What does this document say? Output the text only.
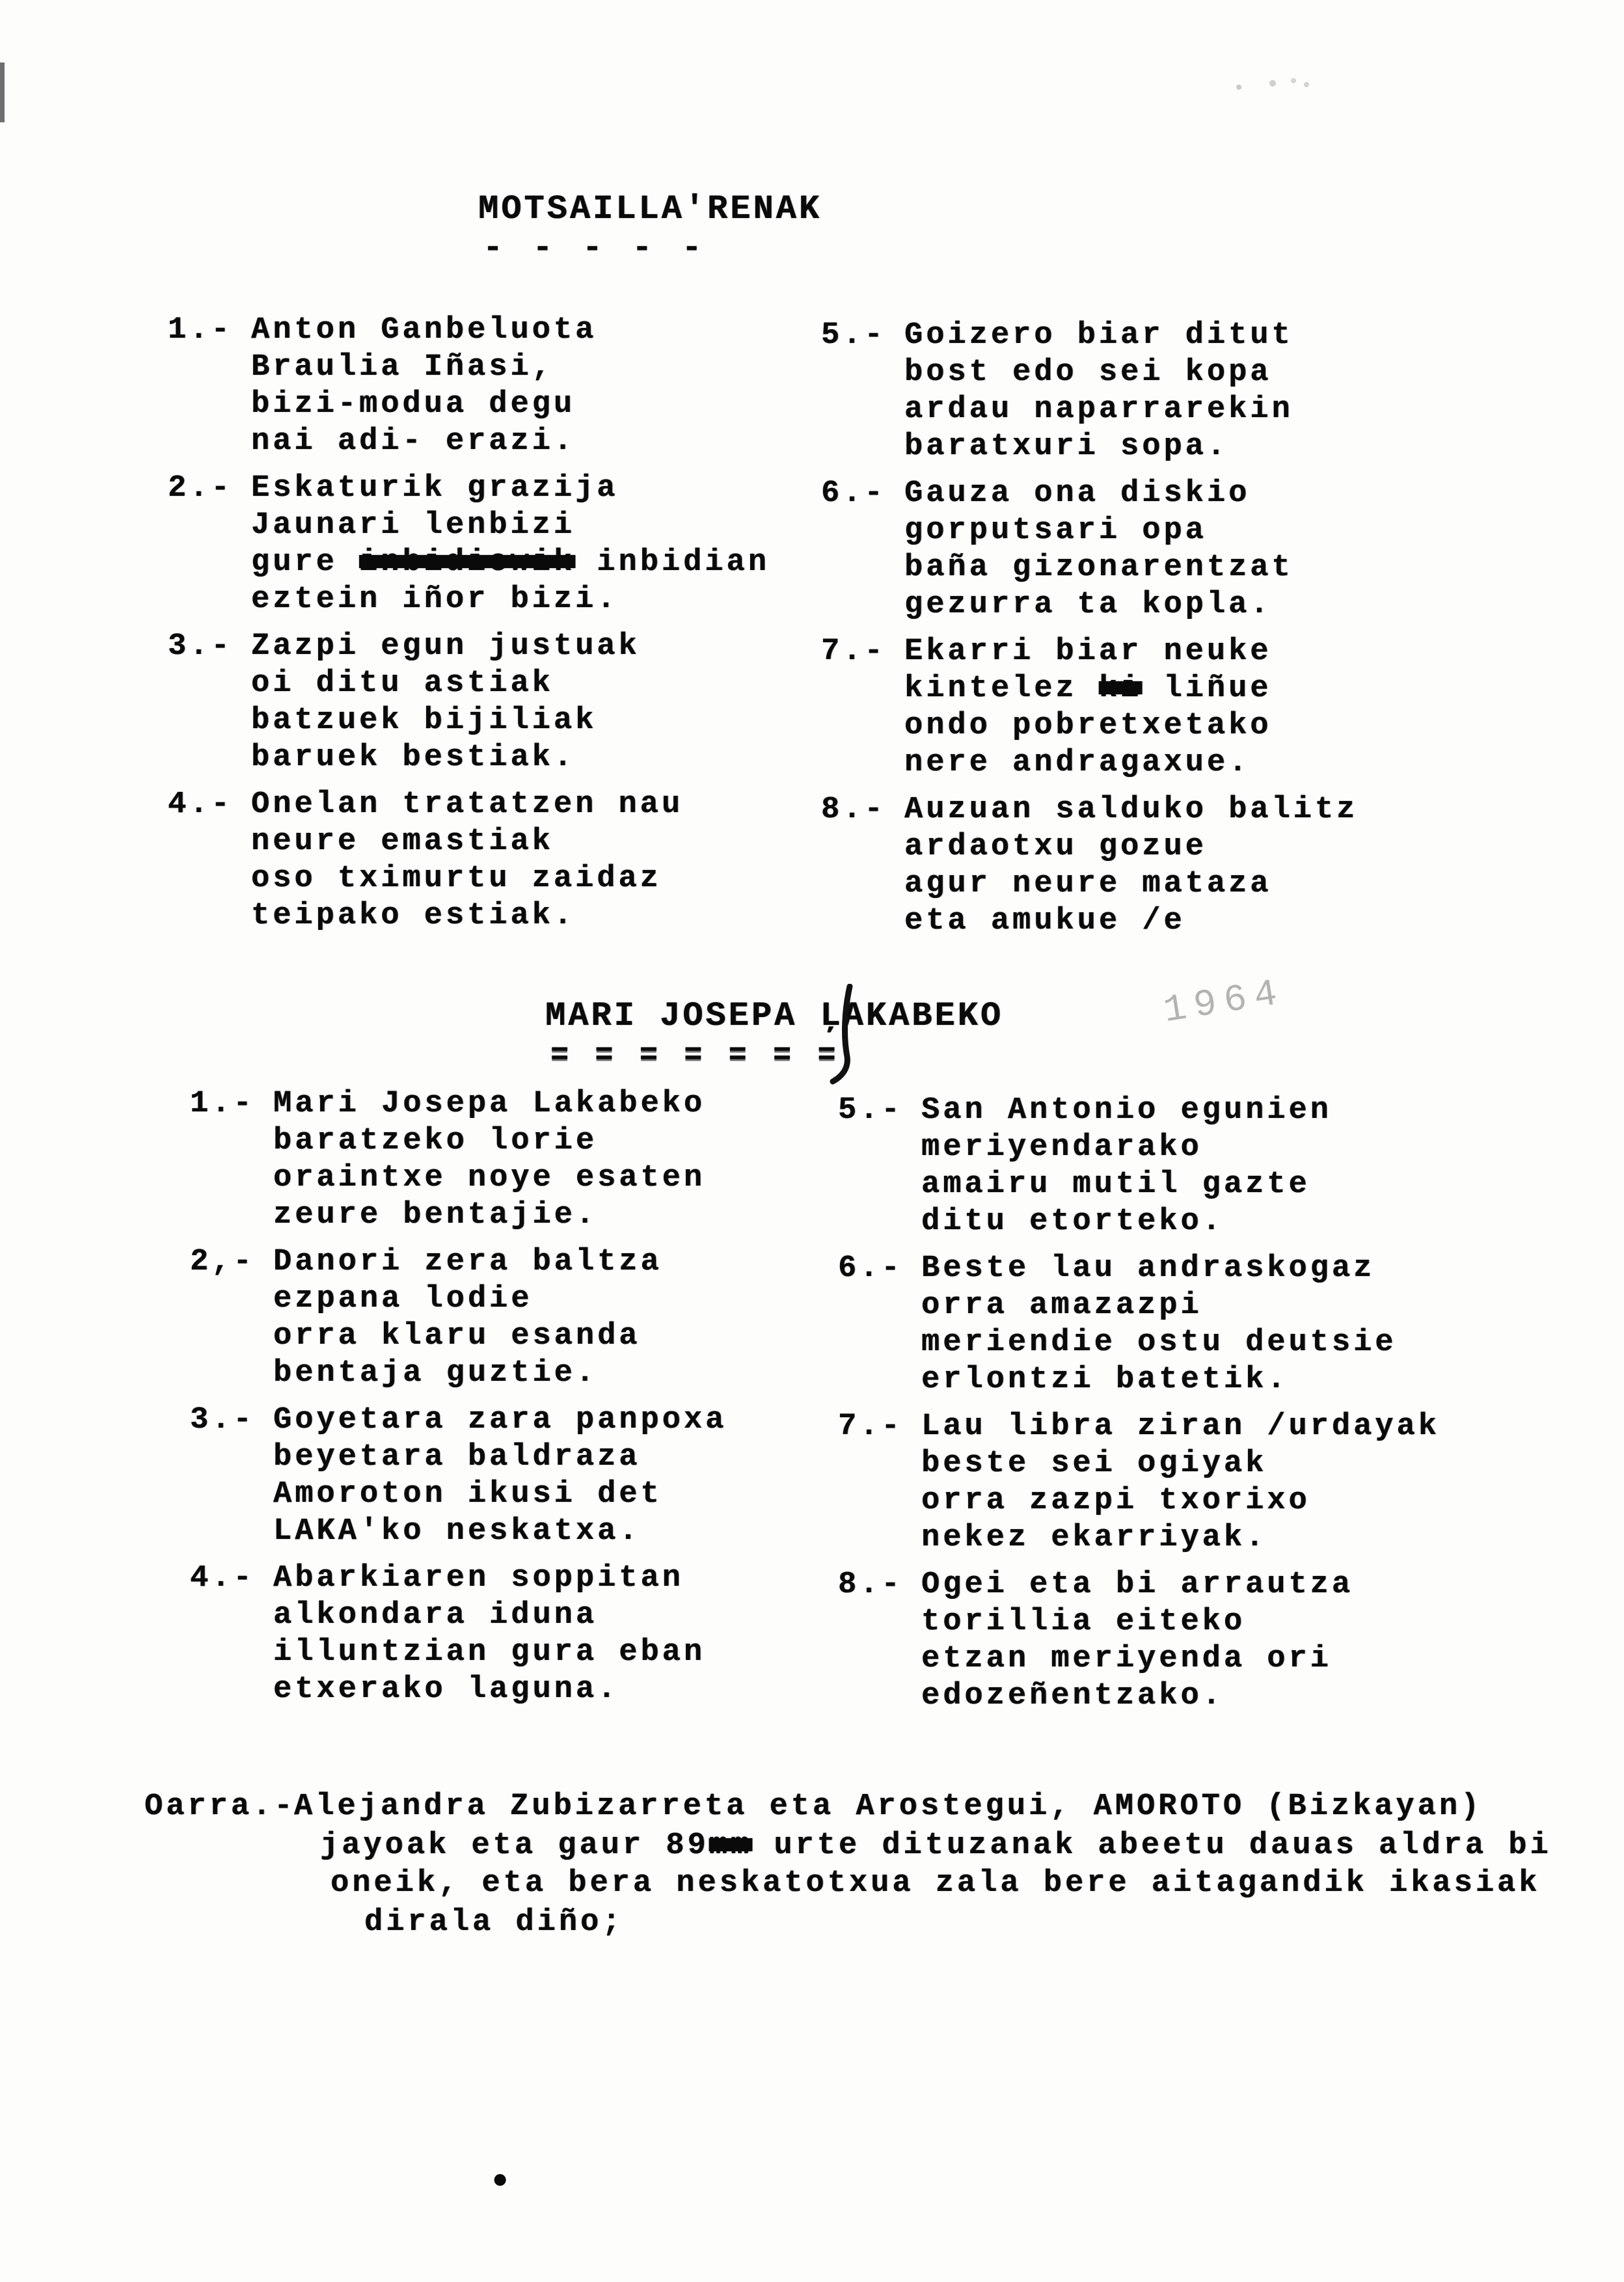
MOTSAILLA'RENAK
- - - - -
1.- Anton Ganbeluota
Braulia Iñasi,
bizi-modua degu
nai adi- erazi.
2.- Eskaturik grazija
Jaunari lenbizi
gure inbidiewik inbidian
eztein iñor bizi.
3.- Zazpi egun justuak
oi ditu astiak
batzuek bijiliak
baruek bestiak.
4.- Onelan tratatzen nau
neure emastiak
oso tximurtu zaidaz
teipako estiak.
5.- Goizero biar ditut
bost edo sei kopa
ardau naparrarekin
baratxuri sopa.
6.- Gauza ona diskio
gorputsari opa
baña gizonarentzat
gezurra ta kopla.
7.- Ekarri biar neuke
kintelez ki liñue
ondo pobretxetako
nere andragaxue.
8.- Auzuan salduko balitz
ardaotxu gozue
agur neure mataza
eta amukue /e
MARI JOSEPA ĻAKABEKO	1964
= = = = = = =
1.- Mari Josepa Lakabeko
baratzeko lorie
oraintxe noye esaten
zeure bentajie.
2,- Danori zera baltza
ezpana lodie
orra klaru esanda
bentaja guztie.
3.- Goyetara zara panpoxa
beyetara baldraza
Amoroton ikusi det
LAKA'ko neskatxa.
4.- Abarkiaren soppitan
alkondara iduna
illuntzian gura eban
etxerako laguna.
5.- San Antonio egunien
meriyendarako
amairu mutil gazte
ditu etorteko.
6.- Beste lau andraskogaz
orra amazazpi
meriendie ostu deutsie
erlontzi batetik.
7.- Lau libra ziran /urdayak
beste sei ogiyak
orra zazpi txorixo
nekez ekarriyak.
8.- Ogei eta bi arrautza
torillia eiteko
etzan meriyenda ori
edozeñentzako.
Oarra.-
Alejandra Zubizarreta eta Arostegui, AMOROTO (Bizkayan)
jayoak eta gaur 89mm urte dituzanak abeetu dauas aldra bi
oneik, eta bera neskatotxua zala bere aitagandik ikasiak
dirala diño;
●
